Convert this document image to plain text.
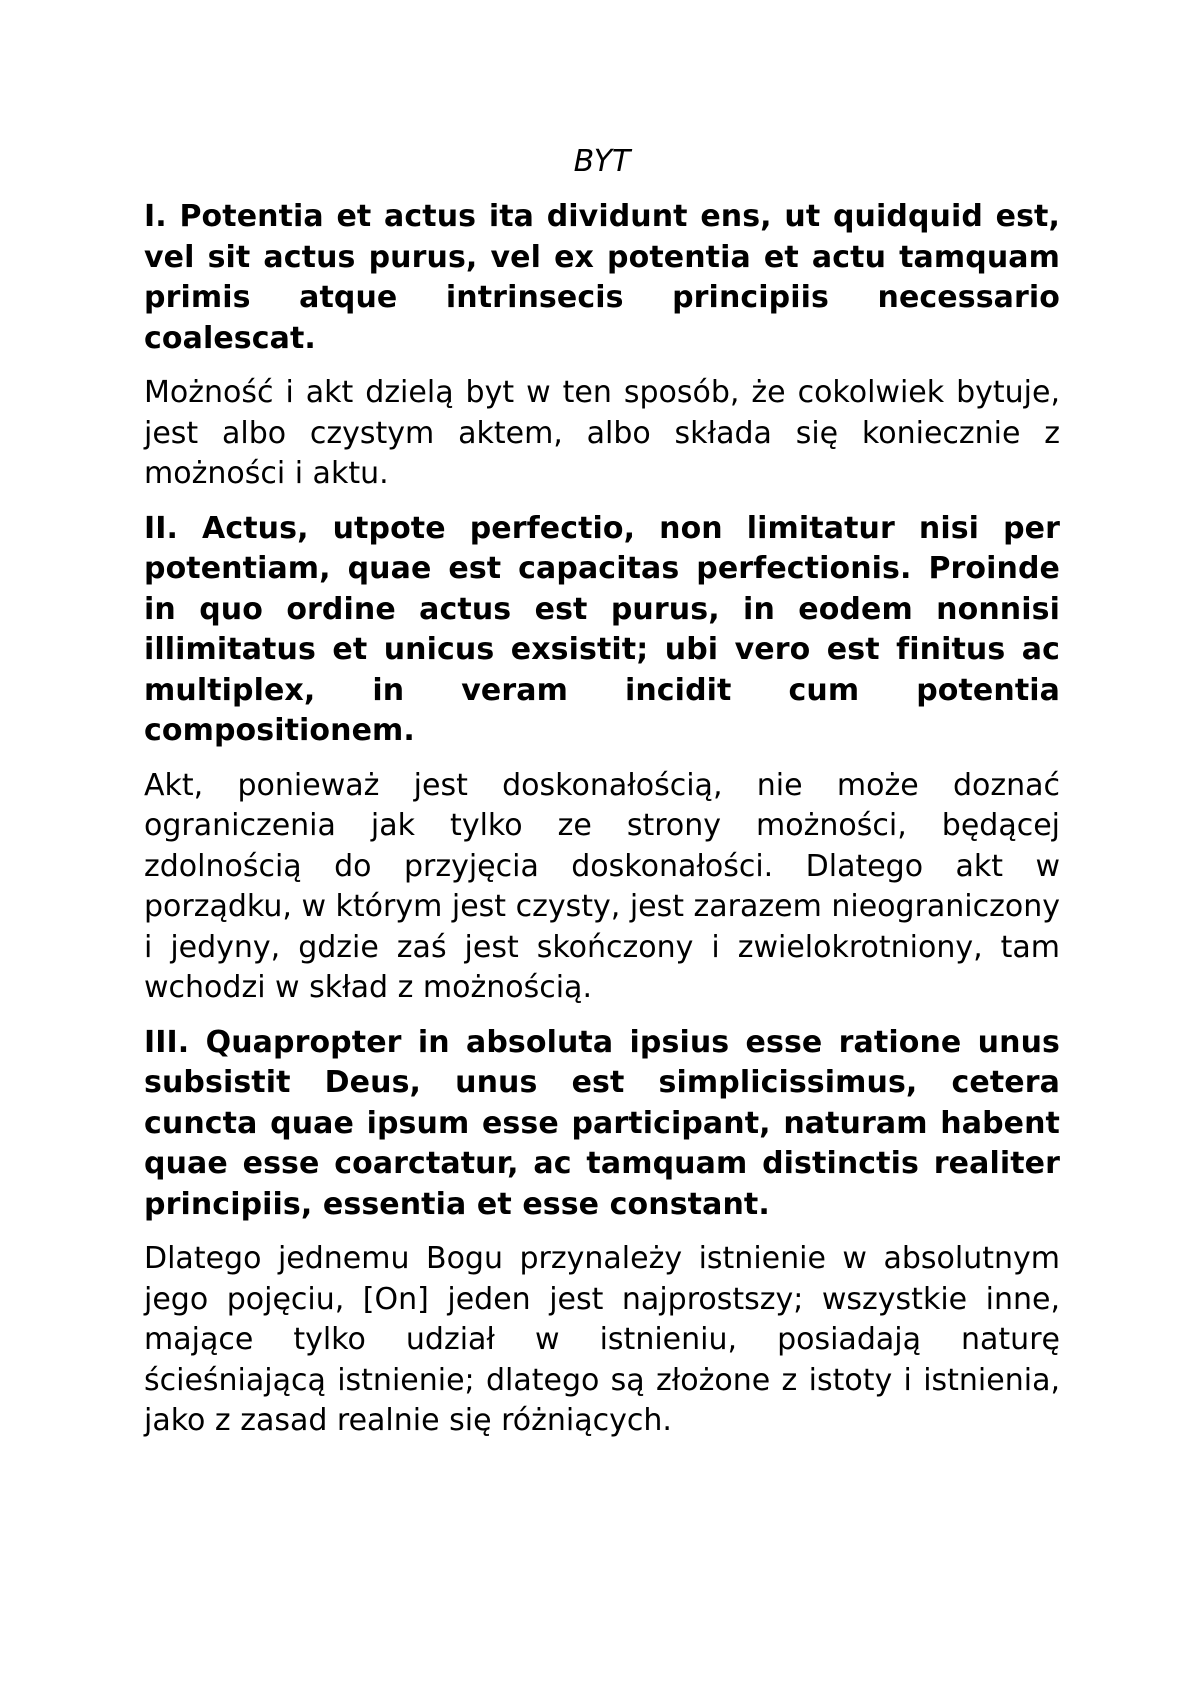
BYT

I. Potentia et actus ita dividunt ens, ut quidquid est, vel sit actus purus, vel ex potentia et actu tamquam primis atque intrinsecis principiis necessario coalescat.

Możność i akt dzielą byt w ten sposób, że cokolwiek bytuje, jest albo czystym aktem, albo składa się koniecznie z możności i aktu.

II. Actus, utpote perfectio, non limitatur nisi per potentiam, quae est capacitas perfectionis. Proinde in quo ordine actus est purus, in eodem nonnisi illimitatus et unicus exsistit; ubi vero est finitus ac multiplex, in veram incidit cum potentia compositionem.

Akt, ponieważ jest doskonałością, nie może doznać ograniczenia jak tylko ze strony możności, będącej zdolnością do przyjęcia doskonałości. Dlatego akt w porządku, w którym jest czysty, jest zarazem nieograniczony i jedyny, gdzie zaś jest skończony i zwielokrotniony, tam wchodzi w skład z możnością.

III. Quapropter in absoluta ipsius esse ratione unus subsistit Deus, unus est simplicissimus, cetera cuncta quae ipsum esse participant, naturam habent quae esse coarctatur, ac tamquam distinctis realiter principiis, essentia et esse constant.

Dlatego jednemu Bogu przynależy istnienie w absolutnym jego pojęciu, [On] jeden jest najprostszy; wszystkie inne, mające tylko udział w istnieniu, posiadają naturę ścieśniającą istnienie; dlatego są złożone z istoty i istnienia, jako z zasad realnie się różniących.
